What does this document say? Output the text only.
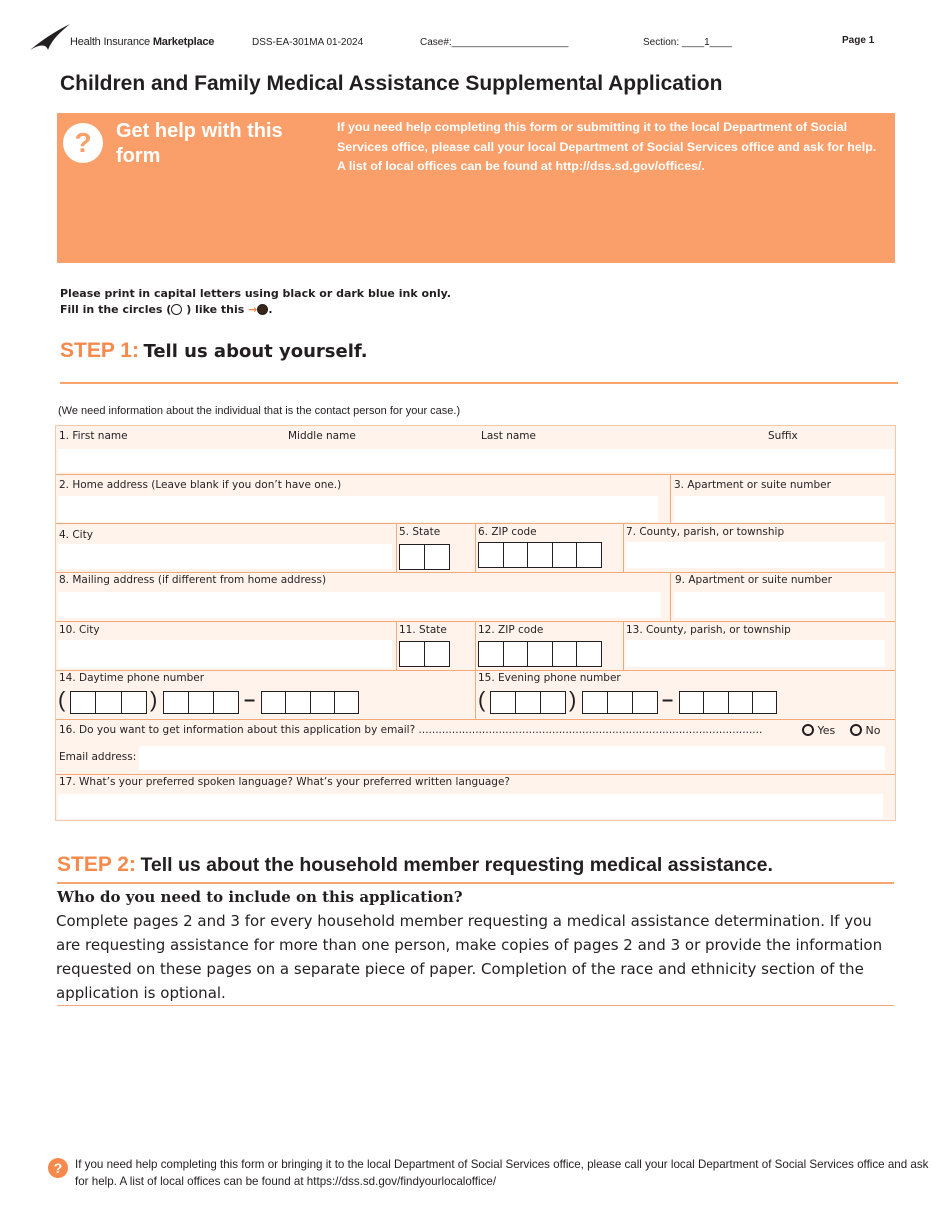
Health Insurance Marketplace	DSS-EA-301MA 01-2024	Case#:_____________________	Section: ____1____	Page 1
Children and Family Medical Assistance Supplemental Application
?	Get help with this form
If you need help completing this form or submitting it to the local Department of Social Services office, please call your local Department of Social Services office and ask for help. A list of local offices can be found at http://dss.sd.gov/offices/.
Please print in capital letters using black or dark blue ink only.
Fill in the circles ( ) like this → .
STEP 1: Tell us about yourself.
(We need information about the individual that is the contact person for your case.)
1. First name	Middle name	Last name	Suffix
2. Home address (Leave blank if you don’t have one.)	3. Apartment or suite number
4. City	5. State	6. ZIP code	7. County, parish, or township
8. Mailing address (if different from home address)	9. Apartment or suite number
10. City	11. State	12. ZIP code	13. County, parish, or township
14. Daytime phone number
(	)	–
15. Evening phone number
(	)	–
16. Do you want to get information about this application by email? .......................................................................................................	Yes	No
Email address:
17. What’s your preferred spoken language? What’s your preferred written language?
STEP 2: Tell us about the household member requesting medical assistance.
Who do you need to include on this application?
Complete pages 2 and 3 for every household member requesting a medical assistance determination. If you are requesting assistance for more than one person, make copies of pages 2 and 3 or provide the information requested on these pages on a separate piece of paper. Completion of the race and ethnicity section of the application is optional.
?	If you need help completing this form or bringing it to the local Department of Social Services office, please call your local Department of Social Services office and ask for help. A list of local offices can be found at https://dss.sd.gov/findyourlocaloffice/
